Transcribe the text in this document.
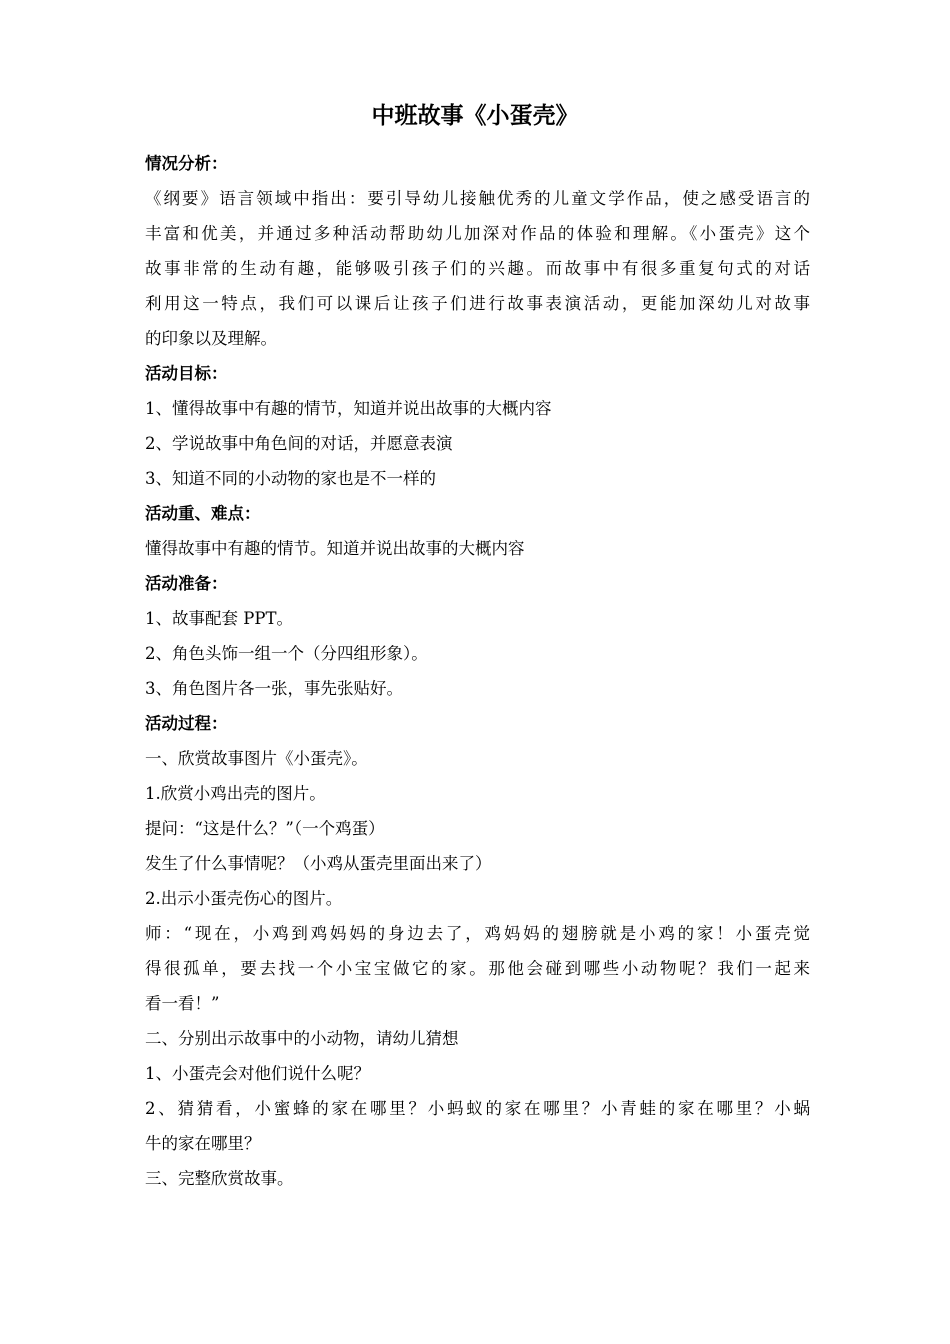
中班故事《小蛋壳》
情况分析：
《纲要》语言领域中指出：要引导幼儿接触优秀的儿童文学作品，使之感受语言的
丰富和优美，并通过多种活动帮助幼儿加深对作品的体验和理解。《小蛋壳》这个
故事非常的生动有趣，能够吸引孩子们的兴趣。而故事中有很多重复句式的对话
利用这一特点，我们可以课后让孩子们进行故事表演活动，更能加深幼儿对故事
的印象以及理解。
活动目标：
1、懂得故事中有趣的情节，知道并说出故事的大概内容
2、学说故事中角色间的对话，并愿意表演
3、知道不同的小动物的家也是不一样的
活动重、难点：
懂得故事中有趣的情节。知道并说出故事的大概内容
活动准备：
1、故事配套 PPT。
2、角色头饰一组一个（分四组形象）。
3、角色图片各一张，事先张贴好。
活动过程：
一、欣赏故事图片《小蛋壳》。
1.欣赏小鸡出壳的图片。
提问：“这是什么？”（一个鸡蛋）
发生了什么事情呢？（小鸡从蛋壳里面出来了）
2.出示小蛋壳伤心的图片。
师：“现在，小鸡到鸡妈妈的身边去了，鸡妈妈的翅膀就是小鸡的家！小蛋壳觉
得很孤单，要去找一个小宝宝做它的家。那他会碰到哪些小动物呢？我们一起来
看一看！”
二、分别出示故事中的小动物，请幼儿猜想
1、小蛋壳会对他们说什么呢？
2、猜猜看，小蜜蜂的家在哪里？小蚂蚁的家在哪里？小青蛙的家在哪里？小蜗
牛的家在哪里？
三、完整欣赏故事。
